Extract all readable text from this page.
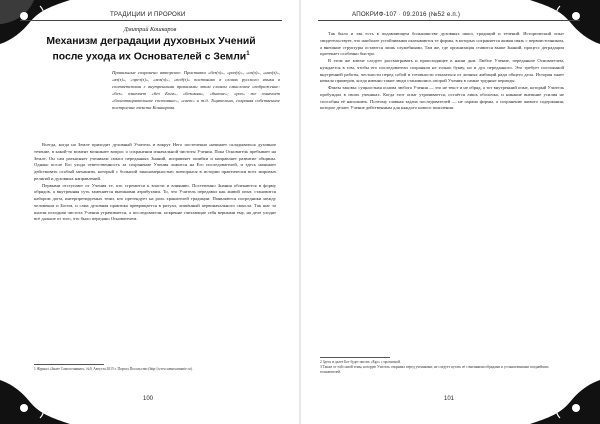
ТРАДИЦИИ И ПРОРОКИ
Дмитрий Кошкаров
Механизм деградации духовных Учений после ухода их Основателей с Земли$^1$
Правильные сохранено авторское. Приставки «без(з)», «раз(з)», «из(з)», «низ(з)», «вз(з)», «чрез(з)», «воз(з)», «под(з)» постоянно в словах русского языка в соответствии с внутренними правилами этим словам смысловое изображение: «без» означает «без Бога», «безимян», «бытие»; «раз» же означает «благотворительное состояние», «свет» и т.д. Тщательно, сохраняя собственное построение текста Кошкарова.

Всегда, когда на Земле приходит духовный Учитель и вокруг Него постепенно начинает складываться духовное течение, в какой-то момент возникает вопрос о сохранении изначальной чистоты Учения. Пока Основатель пребывает на Земле, Он сам разъясняет ученикам смысл переданных Знаний, исправляет ошибки и направляет развитие общины. Однако после Его ухода ответственность за сохранение Учения ложится на Его последователей, и здесь начинает действовать особый механизм, который с большой закономерностью повторялся в истории практически всех мировых религий и духовных направлений.

Первыми отступают от Учения те, кто стремится к власти и влиянию. Постепенно Знания облекаются в форму обрядов, а внутренняя суть заменяется внешними атрибутами. То, что Учитель передавал как живой опыт, становится набором догм, интерпретируемых теми, кто претендует на роль хранителей традиции. Появляются посредники между человеком и Богом, и сама духовная практика превращается в ритуал, лишённый первоначального смысла. Так шаг за шагом исходная чистота Учения утрачивается, а последователи, искренне считающие себя верными ему, на деле уходят всё дальше от того, что было передано Основателем.

1 Журнал «Знает Самосознание», №9, Августа 2015 г. Портал Посольство (http://www.samosoznanie.ru).
100
АПОКРИФ-107 · 09.2016 (№52 е.п.)

Так было и так есть в подавляющем большинстве духовных школ, традиций и течений. Исторический опыт свидетельствует, что наиболее устойчивыми оказываются те формы, в которых сохраняется живая связь с первоисточником, а внешние структуры остаются лишь служебными. Там же, где организация ставится выше Знаний, процесс деградации протекает особенно быстро.

В этом же ключе следует рассматривать и происходящее в наши дни. Любое Учение, переданное Основателем, нуждается в том, чтобы его последователи сохраняли не только букву, но и дух переданного. Это требует постоянной внутренней работы, честности перед собой и готовности отказаться от личных амбиций ради общего дела. История знает немало примеров, когда именно такие люди становились опорой Учения в самые трудные периоды.

Факты таковы: сущностная основа любого Учения — это не текст и не обряд, а тот внутренний опыт, который Учитель пробуждал в своих учениках. Когда этот опыт утрачивается, остаётся лишь оболочка, и никакие внешние усилия не способны её наполнить. Поэтому главная задача последователей — не охрана формы, а сохранение живого содержания, которое делает Учение действенным для каждого нового поколения.

2 Здесь и далее Бог будет писать «Ego» с прописной.
3 Также от той самой темы, которую Учитель открывал перед учениками; не следует путать её с внешними обрядами и установлениями позднейших толкователей.
101
